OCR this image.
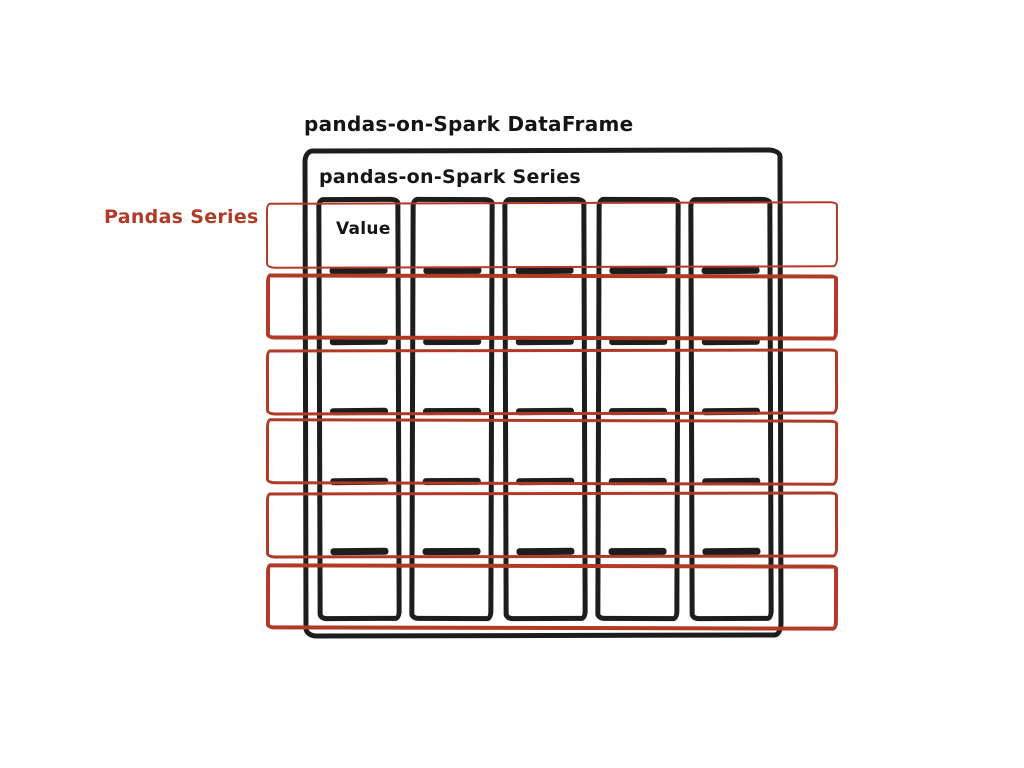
pandas-on-Spark DataFrame
pandas-on-Spark Series
Pandas Series
Value
